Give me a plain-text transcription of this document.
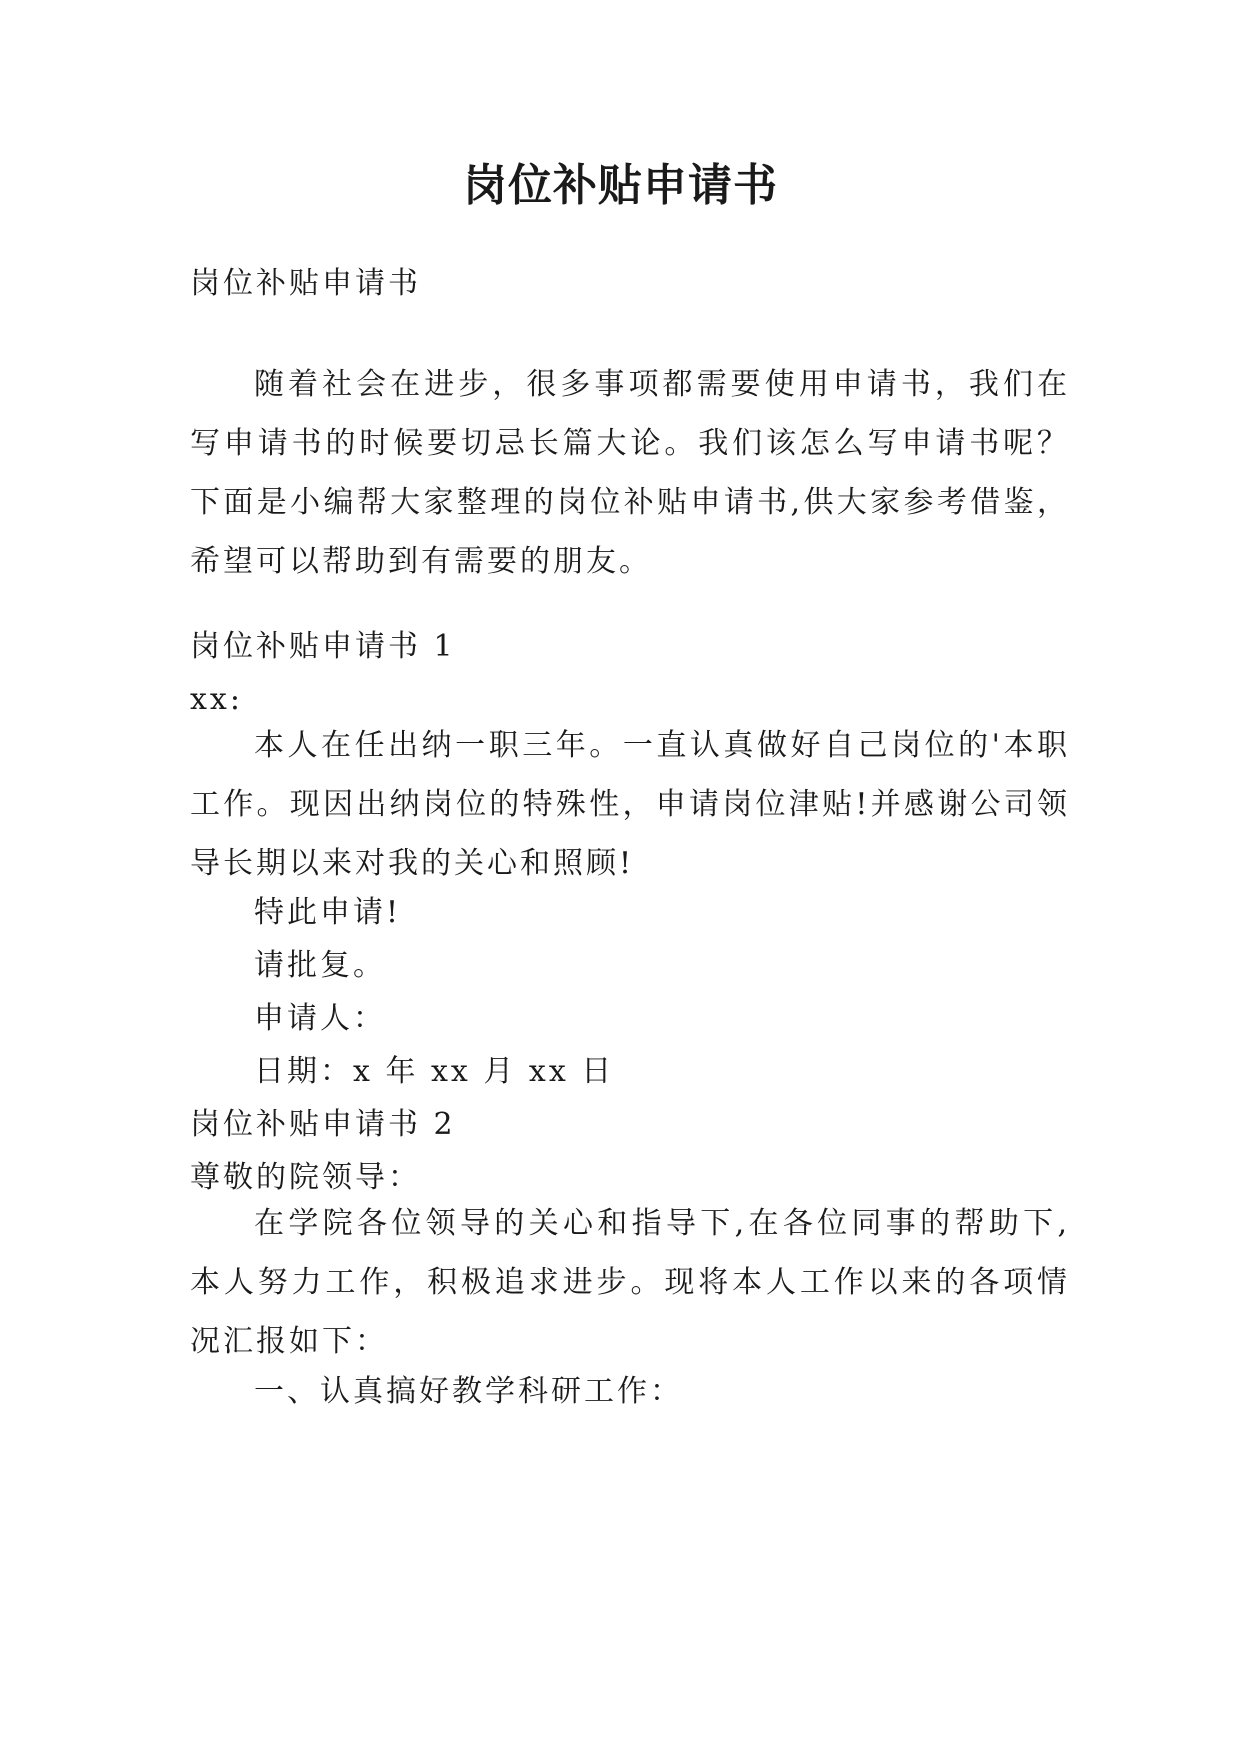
岗位补贴申请书
岗位补贴申请书
随着社会在进步，很多事项都需要使用申请书，我们在写申请书的时候要切忌长篇大论。我们该怎么写申请书呢？下面是小编帮大家整理的岗位补贴申请书,供大家参考借鉴，希望可以帮助到有需要的朋友。
岗位补贴申请书 1
xx:
本人在任出纳一职三年。一直认真做好自己岗位的'本职工作。现因出纳岗位的特殊性，申请岗位津贴!并感谢公司领导长期以来对我的关心和照顾!
特此申请!
请批复。
申请人：
日期：x 年 xx 月 xx 日
岗位补贴申请书 2
尊敬的院领导：
在学院各位领导的关心和指导下,在各位同事的帮助下,本人努力工作，积极追求进步。现将本人工作以来的各项情况汇报如下：
一、认真搞好教学科研工作：
